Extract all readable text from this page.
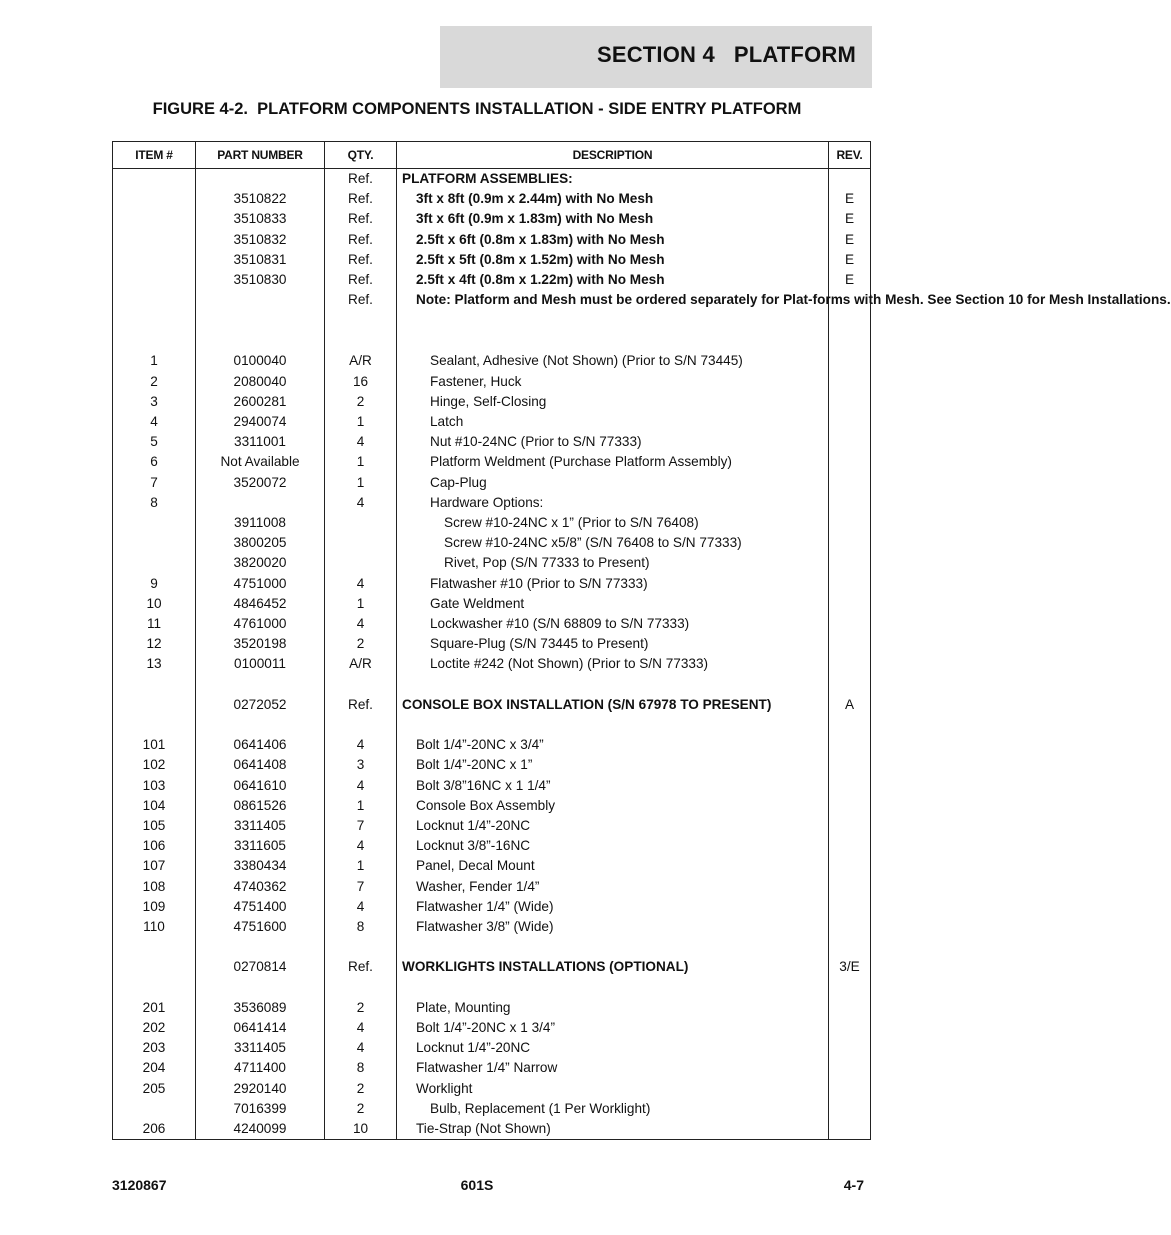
SECTION 4   PLATFORM
FIGURE 4-2.  PLATFORM COMPONENTS INSTALLATION - SIDE ENTRY PLATFORM
ITEM #	PART NUMBER	QTY.	DESCRIPTION	REV.
		Ref.	PLATFORM ASSEMBLIES:	

	3510822	Ref.	3ft x 8ft (0.9m x 2.44m) with No Mesh	E
	3510833	Ref.	3ft x 6ft (0.9m x 1.83m) with No Mesh	E
	3510832	Ref.	2.5ft x 6ft (0.8m x 1.83m) with No Mesh	E
	3510831	Ref.	2.5ft x 5ft (0.8m x 1.52m) with No Mesh	E
	3510830	Ref.	2.5ft x 4ft (0.8m x 1.22m) with No Mesh	E
		Ref.	Note: Platform and Mesh must be ordered separately for Plat-forms with Mesh. See Section 10 for Mesh Installations.	

1	0100040	A/R	Sealant, Adhesive (Not Shown) (Prior to S/N 73445)	

2	2080040	16	Fastener, Huck	

3	2600281	2	Hinge, Self-Closing	

4	2940074	1	Latch	

5	3311001	4	Nut #10-24NC (Prior to S/N 77333)	

6	Not Available	1	Platform Weldment (Purchase Platform Assembly)	

7	3520072	1	Cap-Plug	

8		4	Hardware Options:	

	3911008		Screw #10-24NC x 1” (Prior to S/N 76408)	

	3800205		Screw #10-24NC x5/8” (S/N 76408 to S/N 77333)	

	3820020		Rivet, Pop (S/N 77333 to Present)	

9	4751000	4	Flatwasher #10 (Prior to S/N 77333)	

10	4846452	1	Gate Weldment	

11	4761000	4	Lockwasher #10 (S/N 68809 to S/N 77333)	

12	3520198	2	Square-Plug (S/N 73445 to Present)	

13	0100011	A/R	Loctite #242 (Not Shown) (Prior to S/N 77333)	

	0272052	Ref.	CONSOLE BOX INSTALLATION (S/N 67978 TO PRESENT)	A

101	0641406	4	Bolt 1/4”-20NC x 3/4”	

102	0641408	3	Bolt 1/4”-20NC x 1”	

103	0641610	4	Bolt 3/8”16NC x 1 1/4”	

104	0861526	1	Console Box Assembly	

105	3311405	7	Locknut 1/4”-20NC	

106	3311605	4	Locknut 3/8”-16NC	

107	3380434	1	Panel, Decal Mount	

108	4740362	7	Washer, Fender 1/4”	

109	4751400	4	Flatwasher 1/4” (Wide)	

110	4751600	8	Flatwasher 3/8” (Wide)	

	0270814	Ref.	WORKLIGHTS INSTALLATIONS (OPTIONAL)	3/E

201	3536089	2	Plate, Mounting	

202	0641414	4	Bolt 1/4”-20NC x 1 3/4”	

203	3311405	4	Locknut 1/4”-20NC	

204	4711400	8	Flatwasher 1/4” Narrow	

205	2920140	2	Worklight	

	7016399	2	Bulb, Replacement (1 Per Worklight)	

206	4240099	10	Tie-Strap (Not Shown)	

3120867	601S	4-7
